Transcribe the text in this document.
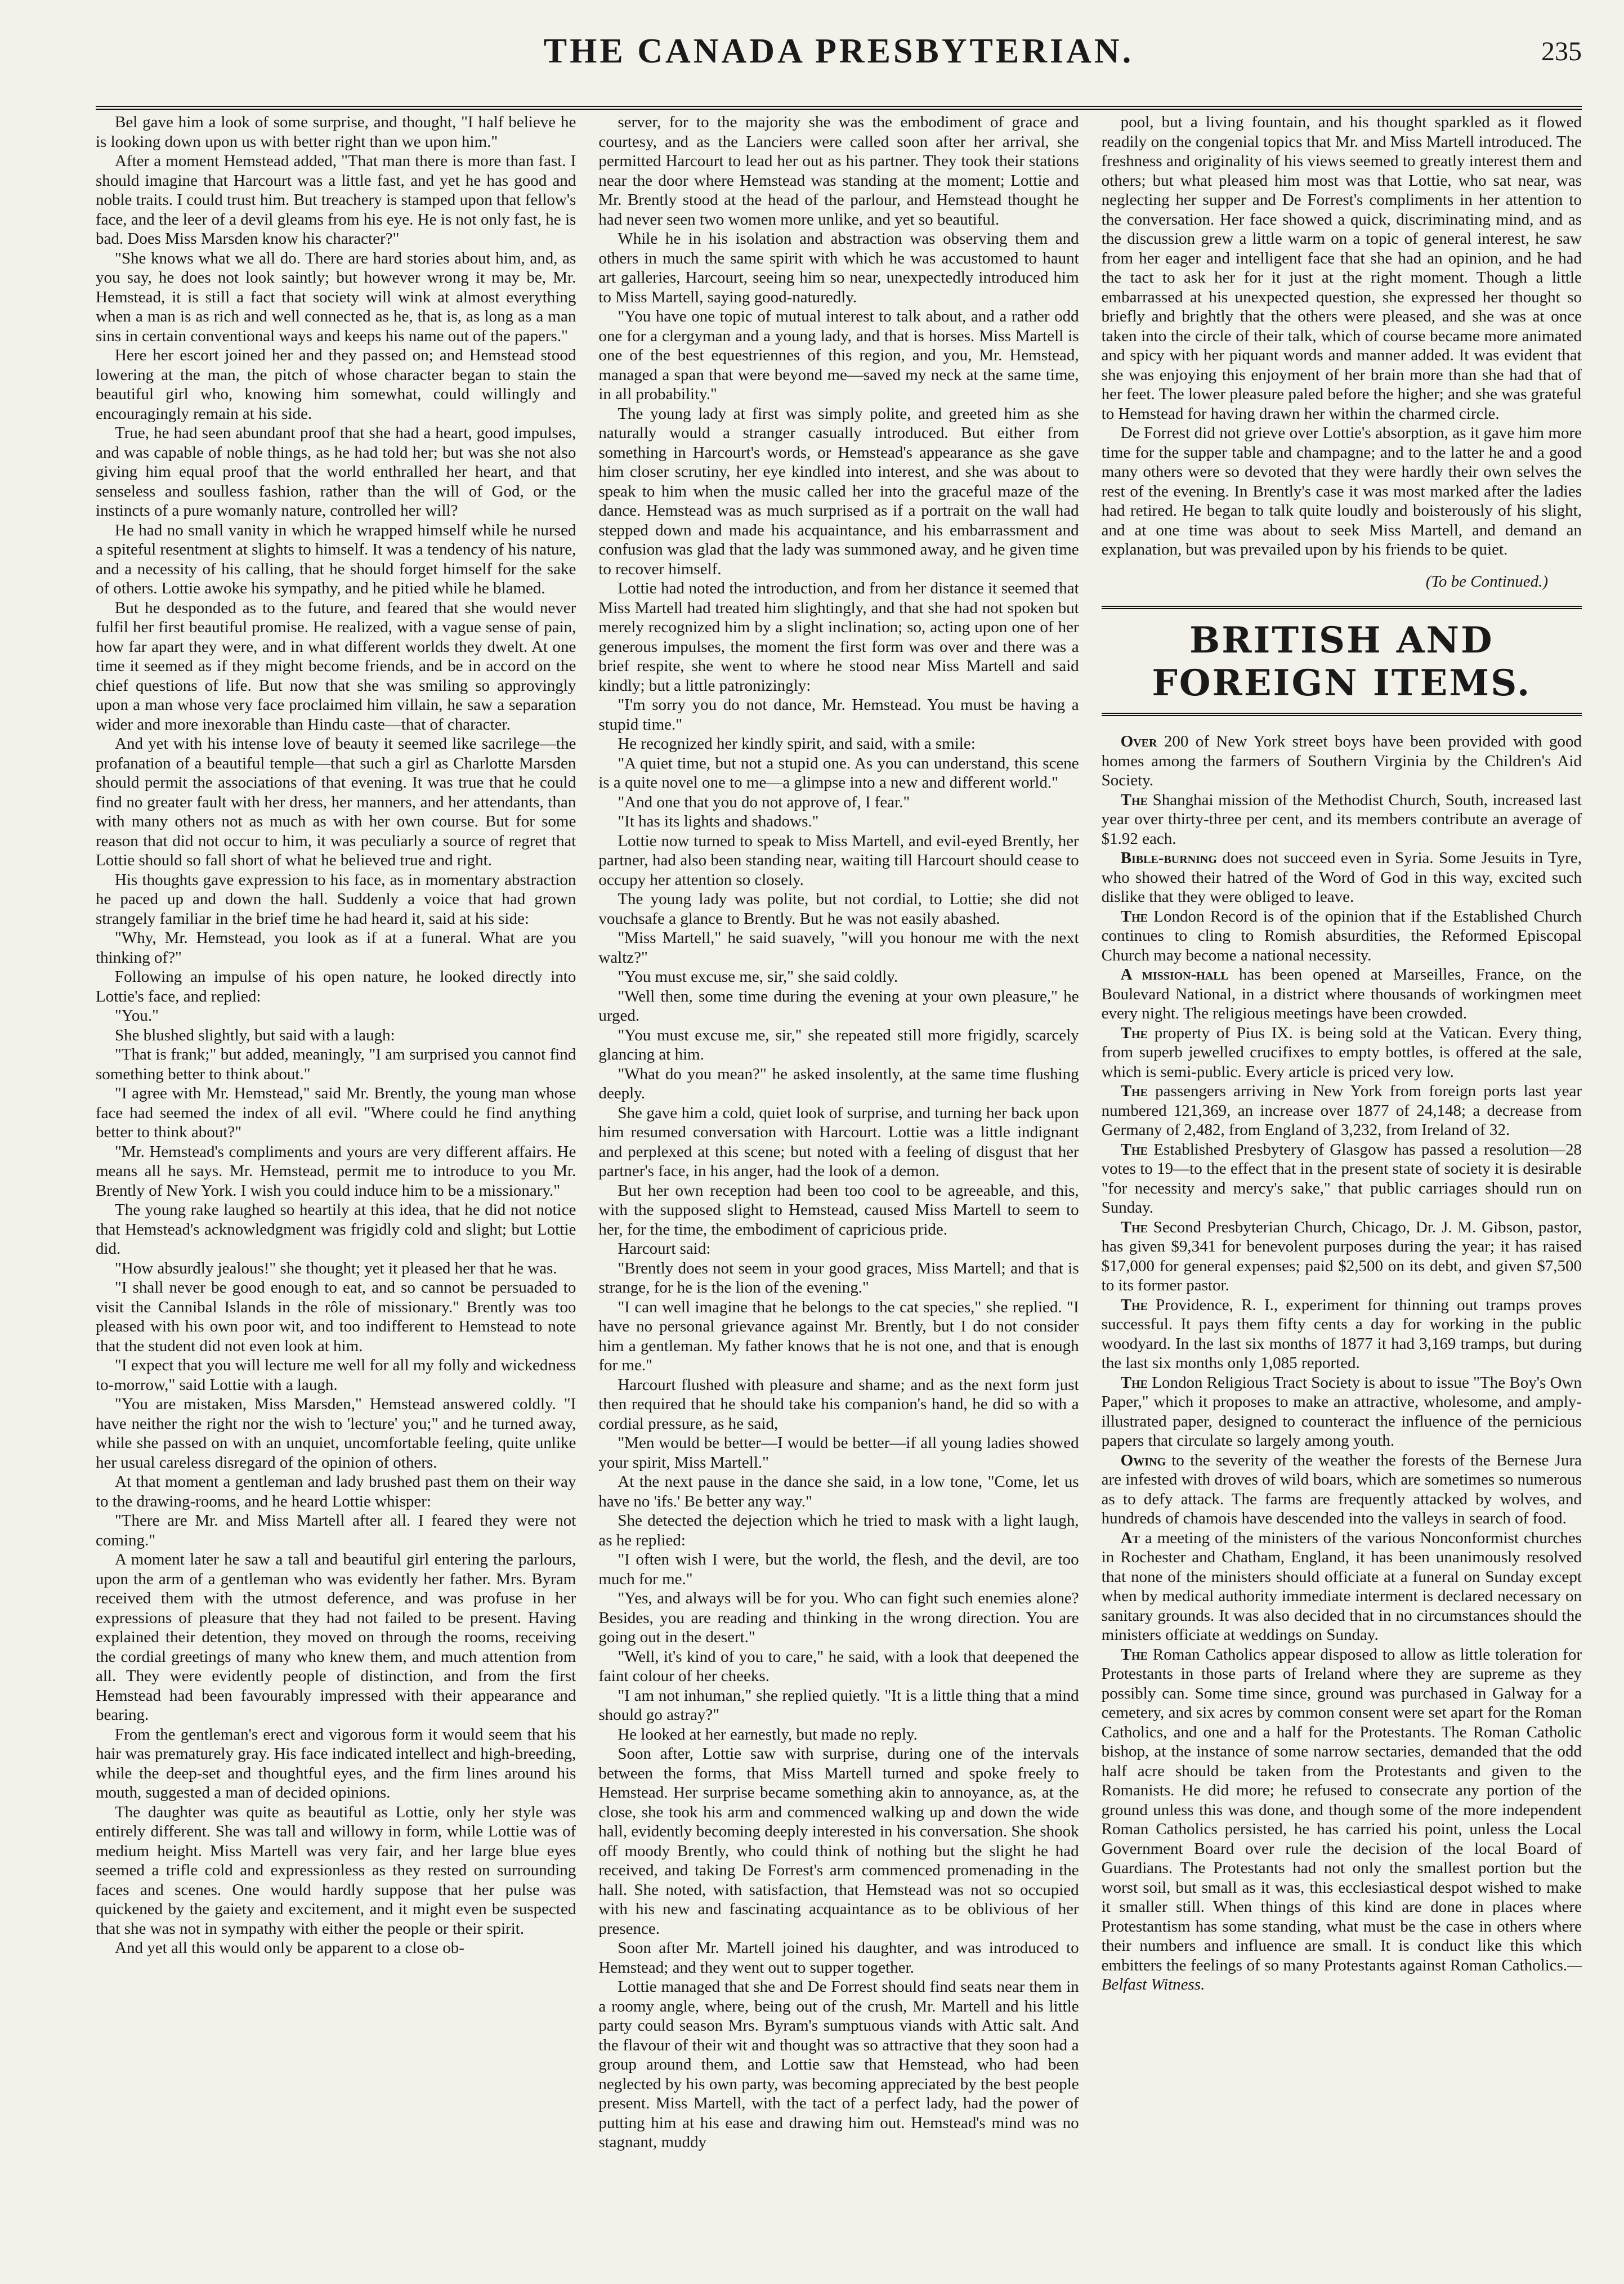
THE CANADA PRESBYTERIAN.	235

Bel gave him a look of some surprise, and thought, "I half believe he is looking down upon us with better right than we upon him."

After a moment Hemstead added, "That man there is more than fast. I should imagine that Harcourt was a little fast, and yet he has good and noble traits. I could trust him. But treachery is stamped upon that fellow's face, and the leer of a devil gleams from his eye. He is not only fast, he is bad. Does Miss Marsden know his character?"

"She knows what we all do. There are hard stories about him, and, as you say, he does not look saintly; but however wrong it may be, Mr. Hemstead, it is still a fact that society will wink at almost everything when a man is as rich and well connected as he, that is, as long as a man sins in certain conventional ways and keeps his name out of the papers."

Here her escort joined her and they passed on; and Hemstead stood lowering at the man, the pitch of whose character began to stain the beautiful girl who, knowing him somewhat, could willingly and encouragingly remain at his side.

True, he had seen abundant proof that she had a heart, good impulses, and was capable of noble things, as he had told her; but was she not also giving him equal proof that the world enthralled her heart, and that senseless and soulless fashion, rather than the will of God, or the instincts of a pure womanly nature, controlled her will?

He had no small vanity in which he wrapped himself while he nursed a spiteful resentment at slights to himself. It was a tendency of his nature, and a necessity of his calling, that he should forget himself for the sake of others. Lottie awoke his sympathy, and he pitied while he blamed.

But he desponded as to the future, and feared that she would never fulfil her first beautiful promise. He realized, with a vague sense of pain, how far apart they were, and in what different worlds they dwelt. At one time it seemed as if they might become friends, and be in accord on the chief questions of life. But now that she was smiling so approvingly upon a man whose very face proclaimed him villain, he saw a separation wider and more inexorable than Hindu caste—that of character.

And yet with his intense love of beauty it seemed like sacrilege—the profanation of a beautiful temple—that such a girl as Charlotte Marsden should permit the associations of that evening. It was true that he could find no greater fault with her dress, her manners, and her attendants, than with many others not as much as with her own course. But for some reason that did not occur to him, it was peculiarly a source of regret that Lottie should so fall short of what he believed true and right.

His thoughts gave expression to his face, as in momentary abstraction he paced up and down the hall. Suddenly a voice that had grown strangely familiar in the brief time he had heard it, said at his side:

"Why, Mr. Hemstead, you look as if at a funeral. What are you thinking of?"

Following an impulse of his open nature, he looked directly into Lottie's face, and replied:

"You."

She blushed slightly, but said with a laugh:

"That is frank;" but added, meaningly, "I am surprised you cannot find something better to think about."

"I agree with Mr. Hemstead," said Mr. Brently, the young man whose face had seemed the index of all evil. "Where could he find anything better to think about?"

"Mr. Hemstead's compliments and yours are very different affairs. He means all he says. Mr. Hemstead, permit me to introduce to you Mr. Brently of New York. I wish you could induce him to be a missionary."

The young rake laughed so heartily at this idea, that he did not notice that Hemstead's acknowledgment was frigidly cold and slight; but Lottie did.

"How absurdly jealous!" she thought; yet it pleased her that he was.

"I shall never be good enough to eat, and so cannot be persuaded to visit the Cannibal Islands in the rôle of missionary." Brently was too pleased with his own poor wit, and too indifferent to Hemstead to note that the student did not even look at him.

"I expect that you will lecture me well for all my folly and wickedness to-morrow," said Lottie with a laugh.

"You are mistaken, Miss Marsden," Hemstead answered coldly. "I have neither the right nor the wish to 'lecture' you;" and he turned away, while she passed on with an unquiet, uncomfortable feeling, quite unlike her usual careless disregard of the opinion of others.

At that moment a gentleman and lady brushed past them on their way to the drawing-rooms, and he heard Lottie whisper:

"There are Mr. and Miss Martell after all. I feared they were not coming."

A moment later he saw a tall and beautiful girl entering the parlours, upon the arm of a gentleman who was evidently her father. Mrs. Byram received them with the utmost deference, and was profuse in her expressions of pleasure that they had not failed to be present. Having explained their detention, they moved on through the rooms, receiving the cordial greetings of many who knew them, and much attention from all. They were evidently people of distinction, and from the first Hemstead had been favourably impressed with their appearance and bearing.

From the gentleman's erect and vigorous form it would seem that his hair was prematurely gray. His face indicated intellect and high-breeding, while the deep-set and thoughtful eyes, and the firm lines around his mouth, suggested a man of decided opinions.

The daughter was quite as beautiful as Lottie, only her style was entirely different. She was tall and willowy in form, while Lottie was of medium height. Miss Martell was very fair, and her large blue eyes seemed a trifle cold and expressionless as they rested on surrounding faces and scenes. One would hardly suppose that her pulse was quickened by the gaiety and excitement, and it might even be suspected that she was not in sympathy with either the people or their spirit.

And yet all this would only be apparent to a close ob-

server, for to the majority she was the embodiment of grace and courtesy, and as the Lanciers were called soon after her arrival, she permitted Harcourt to lead her out as his partner. They took their stations near the door where Hemstead was standing at the moment; Lottie and Mr. Brently stood at the head of the parlour, and Hemstead thought he had never seen two women more unlike, and yet so beautiful.

While he in his isolation and abstraction was observing them and others in much the same spirit with which he was accustomed to haunt art galleries, Harcourt, seeing him so near, unexpectedly introduced him to Miss Martell, saying good-naturedly.

"You have one topic of mutual interest to talk about, and a rather odd one for a clergyman and a young lady, and that is horses. Miss Martell is one of the best equestriennes of this region, and you, Mr. Hemstead, managed a span that were beyond me—saved my neck at the same time, in all probability."

The young lady at first was simply polite, and greeted him as she naturally would a stranger casually introduced. But either from something in Harcourt's words, or Hemstead's appearance as she gave him closer scrutiny, her eye kindled into interest, and she was about to speak to him when the music called her into the graceful maze of the dance. Hemstead was as much surprised as if a portrait on the wall had stepped down and made his acquaintance, and his embarrassment and confusion was glad that the lady was summoned away, and he given time to recover himself.

Lottie had noted the introduction, and from her distance it seemed that Miss Martell had treated him slightingly, and that she had not spoken but merely recognized him by a slight inclination; so, acting upon one of her generous impulses, the moment the first form was over and there was a brief respite, she went to where he stood near Miss Martell and said kindly; but a little patronizingly:

"I'm sorry you do not dance, Mr. Hemstead. You must be having a stupid time."

He recognized her kindly spirit, and said, with a smile:

"A quiet time, but not a stupid one. As you can understand, this scene is a quite novel one to me—a glimpse into a new and different world."

"And one that you do not approve of, I fear."

"It has its lights and shadows."

Lottie now turned to speak to Miss Martell, and evil-eyed Brently, her partner, had also been standing near, waiting till Harcourt should cease to occupy her attention so closely.

The young lady was polite, but not cordial, to Lottie; she did not vouchsafe a glance to Brently. But he was not easily abashed.

"Miss Martell," he said suavely, "will you honour me with the next waltz?"

"You must excuse me, sir," she said coldly.

"Well then, some time during the evening at your own pleasure," he urged.

"You must excuse me, sir," she repeated still more frigidly, scarcely glancing at him.

"What do you mean?" he asked insolently, at the same time flushing deeply.

She gave him a cold, quiet look of surprise, and turning her back upon him resumed conversation with Harcourt. Lottie was a little indignant and perplexed at this scene; but noted with a feeling of disgust that her partner's face, in his anger, had the look of a demon.

But her own reception had been too cool to be agreeable, and this, with the supposed slight to Hemstead, caused Miss Martell to seem to her, for the time, the embodiment of capricious pride.

Harcourt said:

"Brently does not seem in your good graces, Miss Martell; and that is strange, for he is the lion of the evening."

"I can well imagine that he belongs to the cat species," she replied. "I have no personal grievance against Mr. Brently, but I do not consider him a gentleman. My father knows that he is not one, and that is enough for me."

Harcourt flushed with pleasure and shame; and as the next form just then required that he should take his companion's hand, he did so with a cordial pressure, as he said,

"Men would be better—I would be better—if all young ladies showed your spirit, Miss Martell."

At the next pause in the dance she said, in a low tone, "Come, let us have no 'ifs.' Be better any way."

She detected the dejection which he tried to mask with a light laugh, as he replied:

"I often wish I were, but the world, the flesh, and the devil, are too much for me."

"Yes, and always will be for you. Who can fight such enemies alone? Besides, you are reading and thinking in the wrong direction. You are going out in the desert."

"Well, it's kind of you to care," he said, with a look that deepened the faint colour of her cheeks.

"I am not inhuman," she replied quietly. "It is a little thing that a mind should go astray?"

He looked at her earnestly, but made no reply.

Soon after, Lottie saw with surprise, during one of the intervals between the forms, that Miss Martell turned and spoke freely to Hemstead. Her surprise became something akin to annoyance, as, at the close, she took his arm and commenced walking up and down the wide hall, evidently becoming deeply interested in his conversation. She shook off moody Brently, who could think of nothing but the slight he had received, and taking De Forrest's arm commenced promenading in the hall. She noted, with satisfaction, that Hemstead was not so occupied with his new and fascinating acquaintance as to be oblivious of her presence.

Soon after Mr. Martell joined his daughter, and was introduced to Hemstead; and they went out to supper together.

Lottie managed that she and De Forrest should find seats near them in a roomy angle, where, being out of the crush, Mr. Martell and his little party could season Mrs. Byram's sumptuous viands with Attic salt. And the flavour of their wit and thought was so attractive that they soon had a group around them, and Lottie saw that Hemstead, who had been neglected by his own party, was becoming appreciated by the best people present. Miss Martell, with the tact of a perfect lady, had the power of putting him at his ease and drawing him out. Hemstead's mind was no stagnant, muddy

pool, but a living fountain, and his thought sparkled as it flowed readily on the congenial topics that Mr. and Miss Martell introduced. The freshness and originality of his views seemed to greatly interest them and others; but what pleased him most was that Lottie, who sat near, was neglecting her supper and De Forrest's compliments in her attention to the conversation. Her face showed a quick, discriminating mind, and as the discussion grew a little warm on a topic of general interest, he saw from her eager and intelligent face that she had an opinion, and he had the tact to ask her for it just at the right moment. Though a little embarrassed at his unexpected question, she expressed her thought so briefly and brightly that the others were pleased, and she was at once taken into the circle of their talk, which of course became more animated and spicy with her piquant words and manner added. It was evident that she was enjoying this enjoyment of her brain more than she had that of her feet. The lower pleasure paled before the higher; and she was grateful to Hemstead for having drawn her within the charmed circle.

De Forrest did not grieve over Lottie's absorption, as it gave him more time for the supper table and champagne; and to the latter he and a good many others were so devoted that they were hardly their own selves the rest of the evening. In Brently's case it was most marked after the ladies had retired. He began to talk quite loudly and boisterously of his slight, and at one time was about to seek Miss Martell, and demand an explanation, but was prevailed upon by his friends to be quiet.

(To be Continued.)
BRITISH AND FOREIGN ITEMS.

Over 200 of New York street boys have been provided with good homes among the farmers of Southern Virginia by the Children's Aid Society.

The Shanghai mission of the Methodist Church, South, increased last year over thirty-three per cent, and its members contribute an average of $1.92 each.

Bible-burning does not succeed even in Syria. Some Jesuits in Tyre, who showed their hatred of the Word of God in this way, excited such dislike that they were obliged to leave.

The London Record is of the opinion that if the Established Church continues to cling to Romish absurdities, the Reformed Episcopal Church may become a national necessity.

A mission-hall has been opened at Marseilles, France, on the Boulevard National, in a district where thousands of workingmen meet every night. The religious meetings have been crowded.

The property of Pius IX. is being sold at the Vatican. Every thing, from superb jewelled crucifixes to empty bottles, is offered at the sale, which is semi-public. Every article is priced very low.

The passengers arriving in New York from foreign ports last year numbered 121,369, an increase over 1877 of 24,148; a decrease from Germany of 2,482, from England of 3,232, from Ireland of 32.

The Established Presbytery of Glasgow has passed a resolution—28 votes to 19—to the effect that in the present state of society it is desirable "for necessity and mercy's sake," that public carriages should run on Sunday.

The Second Presbyterian Church, Chicago, Dr. J. M. Gibson, pastor, has given $9,341 for benevolent purposes during the year; it has raised $17,000 for general expenses; paid $2,500 on its debt, and given $7,500 to its former pastor.

The Providence, R. I., experiment for thinning out tramps proves successful. It pays them fifty cents a day for working in the public woodyard. In the last six months of 1877 it had 3,169 tramps, but during the last six months only 1,085 reported.

The London Religious Tract Society is about to issue "The Boy's Own Paper," which it proposes to make an attractive, wholesome, and amply-illustrated paper, designed to counteract the influence of the pernicious papers that circulate so largely among youth.

Owing to the severity of the weather the forests of the Bernese Jura are infested with droves of wild boars, which are sometimes so numerous as to defy attack. The farms are frequently attacked by wolves, and hundreds of chamois have descended into the valleys in search of food.

At a meeting of the ministers of the various Nonconformist churches in Rochester and Chatham, England, it has been unanimously resolved that none of the ministers should officiate at a funeral on Sunday except when by medical authority immediate interment is declared necessary on sanitary grounds. It was also decided that in no circumstances should the ministers officiate at weddings on Sunday.

The Roman Catholics appear disposed to allow as little toleration for Protestants in those parts of Ireland where they are supreme as they possibly can. Some time since, ground was purchased in Galway for a cemetery, and six acres by common consent were set apart for the Roman Catholics, and one and a half for the Protestants. The Roman Catholic bishop, at the instance of some narrow sectaries, demanded that the odd half acre should be taken from the Protestants and given to the Romanists. He did more; he refused to consecrate any portion of the ground unless this was done, and though some of the more independent Roman Catholics persisted, he has carried his point, unless the Local Government Board over rule the decision of the local Board of Guardians. The Protestants had not only the smallest portion but the worst soil, but small as it was, this ecclesiastical despot wished to make it smaller still. When things of this kind are done in places where Protestantism has some standing, what must be the case in others where their numbers and influence are small. It is conduct like this which embitters the feelings of so many Protestants against Roman Catholics.—Belfast Witness.
